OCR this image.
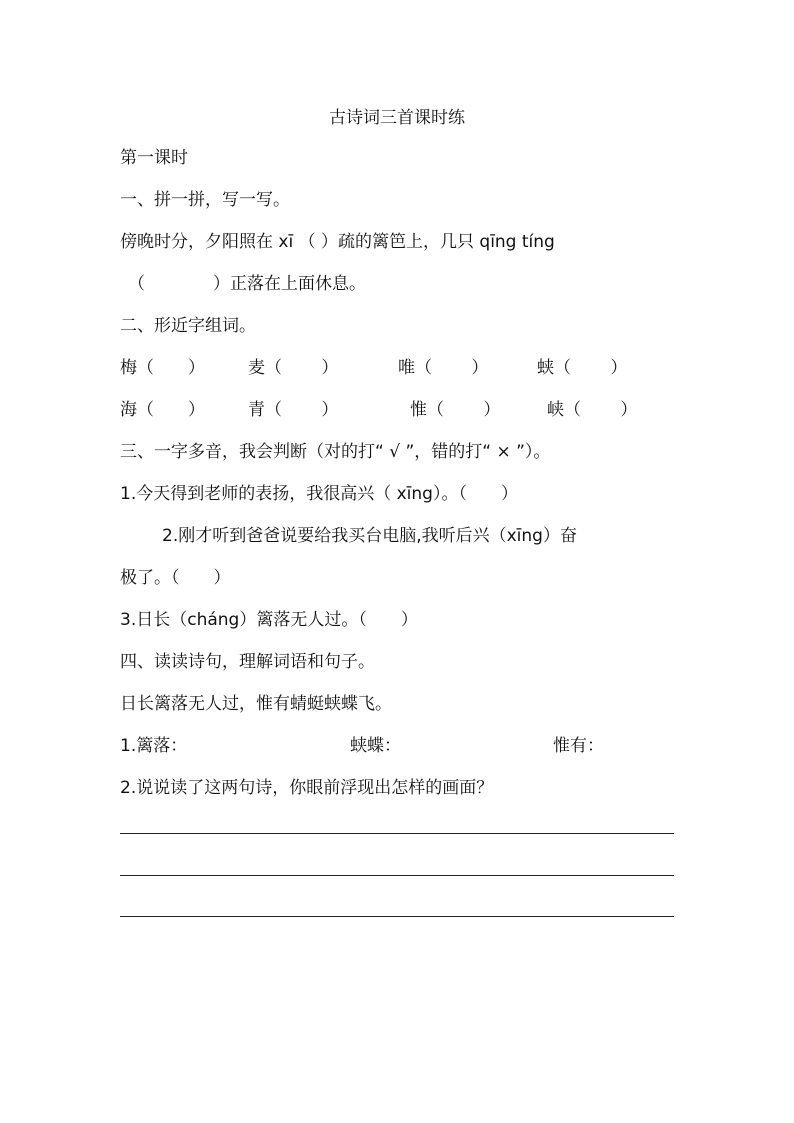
古诗词三首课时练
第一课时
一、拼一拼，写一写。
傍晚时分，夕阳照在 xī （ ）疏的篱笆上，几只 qīng tíng
（　　　　）正落在上面休息。
二、形近字组词。
梅（　　）	麦（　　 ）	唯（　　 ）	蛱（　　 ）
海（　　）	青（　　 ）	惟（　　 ）	峡（　　 ）
三、一字多音，我会判断（对的打“ √ ”，错的打“ × ”）。
1.今天得到老师的表扬，我很高兴（ xīng）。（　　）
2.刚才听到爸爸说要给我买台电脑,我听后兴（xīng）奋
极了。（　　）
3.日长（cháng）篱落无人过。（　　）
四、读读诗句，理解词语和句子。
日长篱落无人过，惟有蜻蜓蛱蝶飞。
1.篱落：	蛱蝶：	惟有：
2.说说读了这两句诗，你眼前浮现出怎样的画面？
